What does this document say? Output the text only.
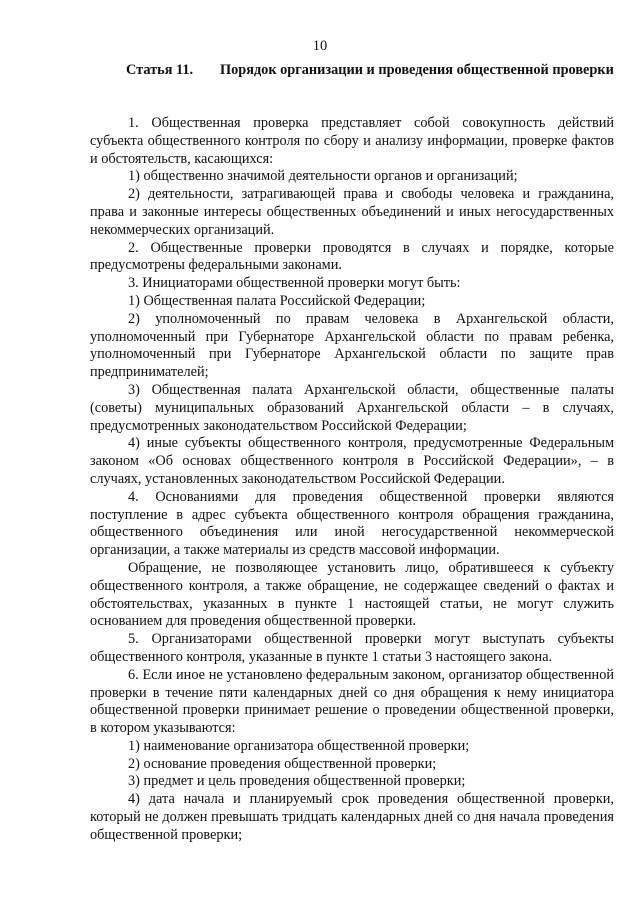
10
Статья 11. Порядок организации и проведения общественной проверки

1. Общественная проверка представляет собой совокупность действий субъекта общественного контроля по сбору и анализу информации, проверке фактов и обстоятельств, касающихся:

1) общественно значимой деятельности органов и организаций;

2) деятельности, затрагивающей права и свободы человека и гражданина, права и законные интересы общественных объединений и иных негосударственных некоммерческих организаций.

2. Общественные проверки проводятся в случаях и порядке, которые предусмотрены федеральными законами.

3. Инициаторами общественной проверки могут быть:

1) Общественная палата Российской Федерации;

2) уполномоченный по правам человека в Архангельской области, уполномоченный при Губернаторе Архангельской области по правам ребенка, уполномоченный при Губернаторе Архангельской области по защите прав предпринимателей;

3) Общественная палата Архангельской области, общественные палаты (советы) муниципальных образований Архангельской области – в случаях, предусмотренных законодательством Российской Федерации;

4) иные субъекты общественного контроля, предусмотренные Федеральным законом «Об основах общественного контроля в Российской Федерации», – в случаях, установленных законодательством Российской Федерации.

4. Основаниями для проведения общественной проверки являются поступление в адрес субъекта общественного контроля обращения гражданина, общественного объединения или иной негосударственной некоммерческой организации, а также материалы из средств массовой информации.

Обращение, не позволяющее установить лицо, обратившееся к субъекту общественного контроля, а также обращение, не содержащее сведений о фактах и обстоятельствах, указанных в пункте 1 настоящей статьи, не могут служить основанием для проведения общественной проверки.

5. Организаторами общественной проверки могут выступать субъекты общественного контроля, указанные в пункте 1 статьи 3 настоящего закона.

6. Если иное не установлено федеральным законом, организатор общественной проверки в течение пяти календарных дней со дня обращения к нему инициатора общественной проверки принимает решение о проведении общественной проверки, в котором указываются:

1) наименование организатора общественной проверки;

2) основание проведения общественной проверки;

3) предмет и цель проведения общественной проверки;

4) дата начала и планируемый срок проведения общественной проверки, который не должен превышать тридцать календарных дней со дня начала проведения общественной проверки;
